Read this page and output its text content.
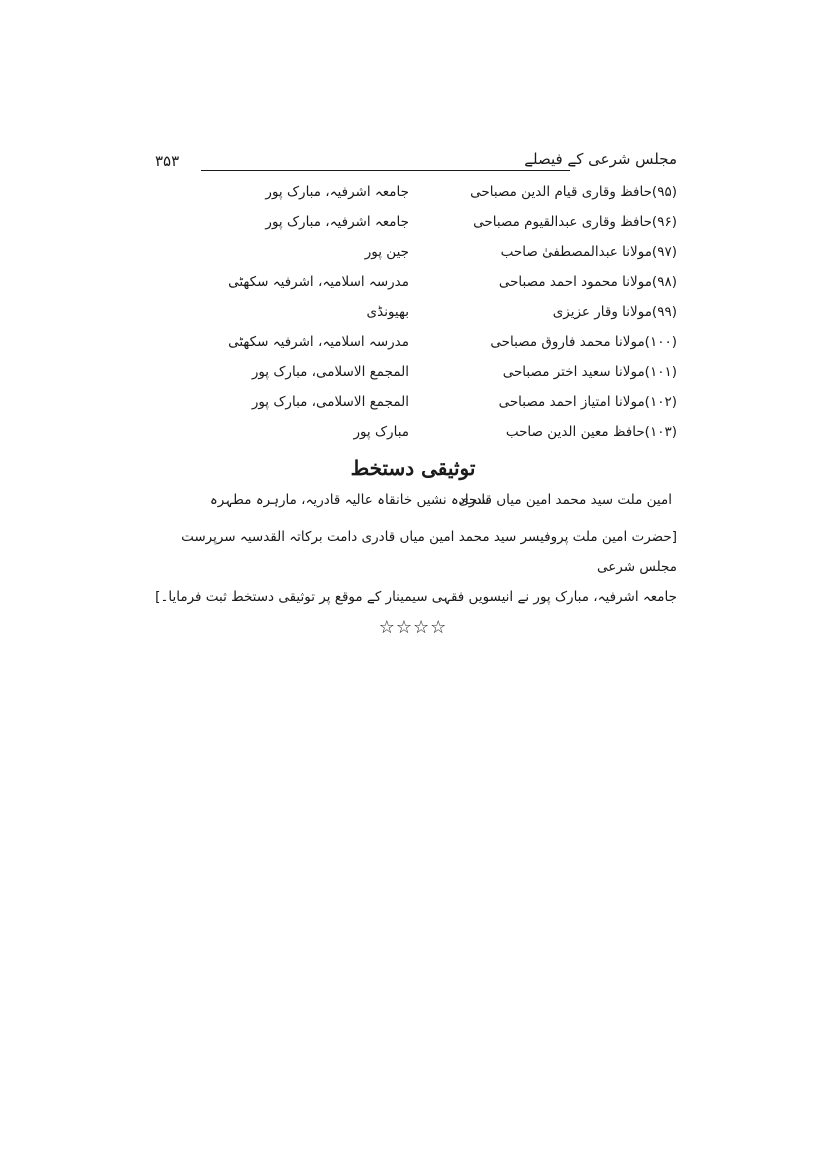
مجلس شرعی کے فیصلے
۳۵۳
(۹۵)حافظ وقاری قیام الدین مصباحی
جامعہ اشرفیہ، مبارک پور
(۹۶)حافظ وقاری عبدالقیوم مصباحی
جامعہ اشرفیہ، مبارک پور
(۹۷)مولانا عبدالمصطفیٰ صاحب
جین پور
(۹۸)مولانا محمود احمد مصباحی
مدرسہ اسلامیہ، اشرفیہ سکھٹی
(۹۹)مولانا وقار عزیزی
بھیونڈی
(۱۰۰)مولانا محمد فاروق مصباحی
مدرسہ اسلامیہ، اشرفیہ سکھٹی
(۱۰۱)مولانا سعید اختر مصباحی
المجمع الاسلامی، مبارک پور
(۱۰۲)مولانا امتیاز احمد مصباحی
المجمع الاسلامی، مبارک پور
(۱۰۳)حافظ معین الدین صاحب
مبارک پور
توثیقی دستخط
امین ملت سید محمد امین میاں قادری
سجادہ نشیں خانقاہ عالیہ قادریہ، مارہرہ مطہرہ
[حضرت امین ملت پروفیسر سید محمد امین میاں قادری دامت برکاتہ القدسیہ سرپرست مجلس شرعی
جامعہ اشرفیہ، مبارک پور نے انیسویں فقہی سیمینار کے موقع پر توثیقی دستخط ثبت فرمایا۔]
☆☆☆☆
